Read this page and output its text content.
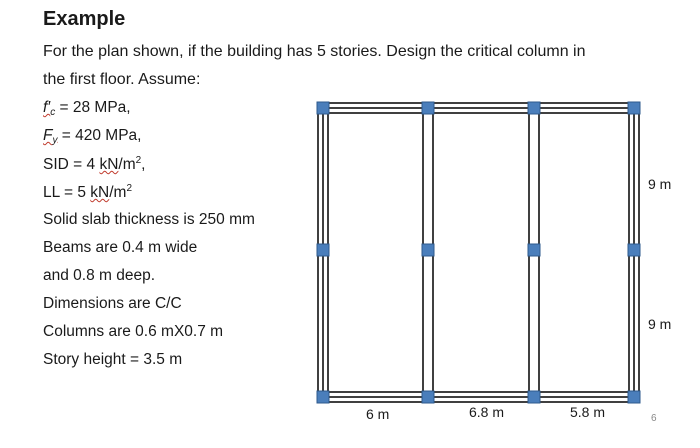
Example
For the plan shown, if the building has 5 stories. Design the critical column in
the first floor. Assume:
$f'_c = 28$ MPa,
$F_y = 420$ MPa,
SID = 4 $kN/m^2$,
LL = 5 $kN/m^2$
Solid slab thickness is 250 mm
Beams are 0.4 m wide
and 0.8 m deep.
Dimensions are C/C
Columns are 0.6 mX0.7 m
Story height = 3.5 m
6 m	6.8 m	5.8 m
9 m
9 m
6
